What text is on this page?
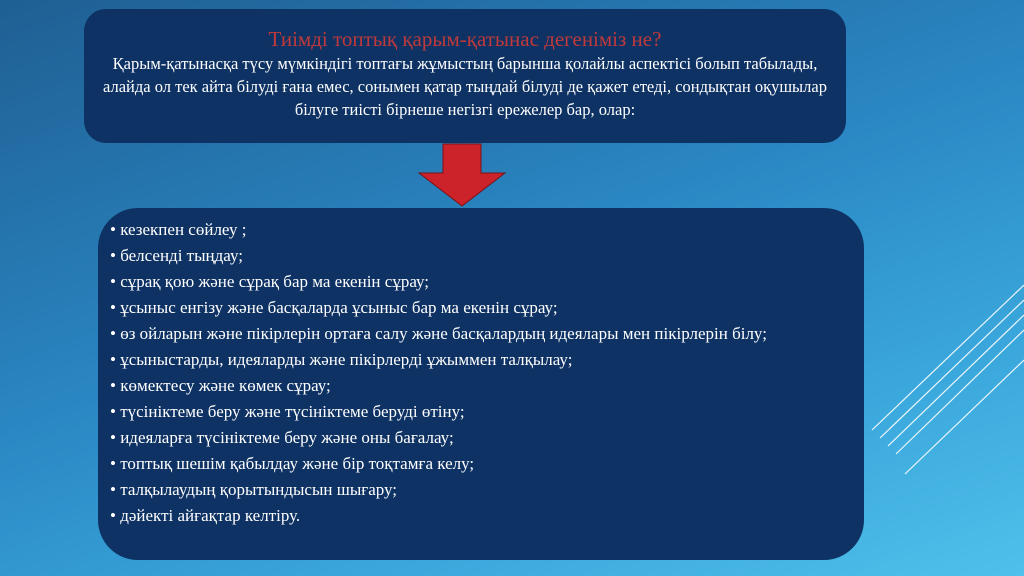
Тиімді топтық қарым-қатынас дегеніміз не?
Қарым-қатынасқа түсу мүмкіндігі топтағы жұмыстың барынша қолайлы аспектісі болып табылады, алайда ол тек айта білуді ғана емес, сонымен қатар тыңдай білуді де қажет етеді, сондықтан оқушылар білуге тиісті бірнеше негізгі ережелер бар, олар:
• кезекпен сөйлеу ;
• белсенді тыңдау;
• сұрақ қою және сұрақ бар ма екенін сұрау;
• ұсыныс енгізу және басқаларда ұсыныс бар ма екенін сұрау;
• өз ойларын және пікірлерін ортаға салу және басқалардың идеялары мен пікірлерін білу;
• ұсыныстарды, идеяларды және пікірлерді ұжыммен талқылау;
• көмектесу және көмек сұрау;
• түсініктеме беру және түсініктеме беруді өтіну;
• идеяларға түсініктеме беру және оны бағалау;
• топтық шешім қабылдау және бір тоқтамға келу;
• талқылаудың қорытындысын шығару;
• дәйекті айғақтар келтіру.
